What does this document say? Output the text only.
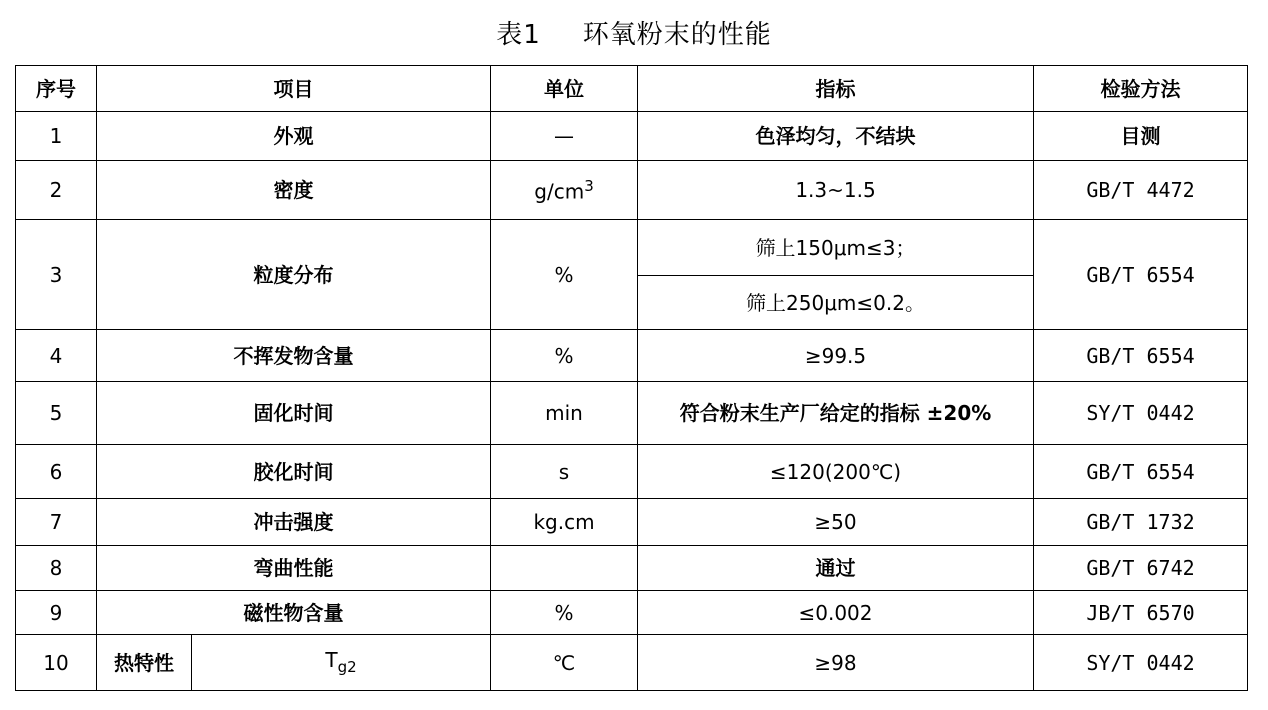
表1 环氧粉末的性能
序号	项目		单位	指标	检验方法
1	外观		—	色泽均匀，不结块	目测
2	密度		$g/cm^3$	1.3~1.5	GB/T 4472
3	粒度分布		%	筛上150μm≤3；	GB/T 6554
				筛上250μm≤0.2。	
4	不挥发物含量		%	≥99.5	GB/T 6554
5	固化时间		min	符合粉末生产厂给定的指标 ±20%	SY/T 0442
6	胶化时间		s	≤120(200℃)	GB/T 6554
7	冲击强度		kg.cm	≥50	GB/T 1732
8	弯曲性能			通过	GB/T 6742
9	磁性物含量		%	≤0.002	JB/T 6570
10	热特性	$T_{g2}$	℃	≥98	SY/T 0442
